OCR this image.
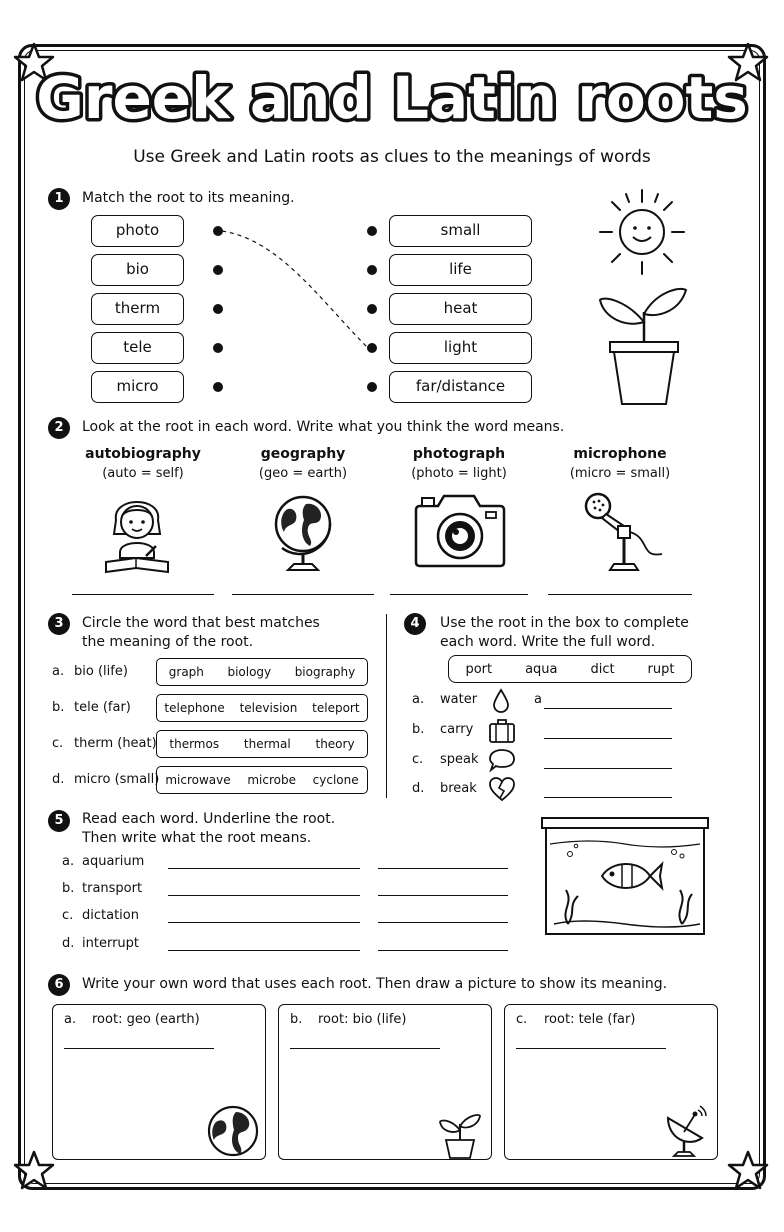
Greek and Latin roots
Use Greek and Latin roots as clues to the meanings of words
1	Match the root to its meaning.
photo
bio
therm
tele
micro
small
life
heat
light
far/distance
2	Look at the root in each word. Write what you think the word means.
autobiography
(auto = self)
geography
(geo = earth)
photograph
(photo = light)
microphone
(micro = small)
3	Circle the word that best matches
the meaning of the root.
a. bio (life)	graph biology biography
b. tele (far)	telephone television teleport
c. therm (heat) thermos thermal theory
d. micro (small) microwave microbe cyclone
4	Use the root in the box to complete
each word. Write the full word.
port	aqua	dict	rupt
a. water	a
b. carry
c. speak
d. break
5	Read each word. Underline the root.
Then write what the root means.
a. aquarium
b. transport
c. dictation
d. interrupt
6	Write your own word that uses each root. Then draw a picture to show its meaning.
a. root: geo (earth)	b. root: bio (life)	c. root: tele (far)
